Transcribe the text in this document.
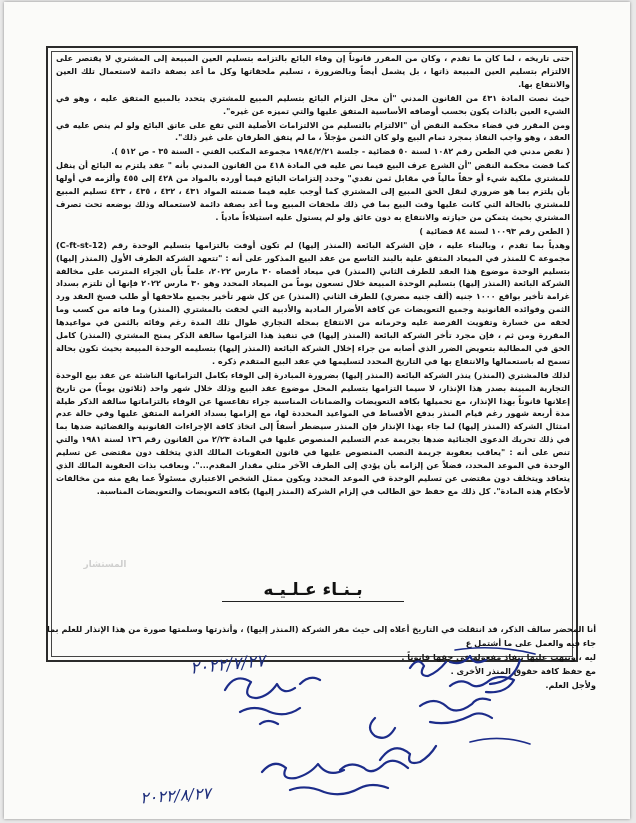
حتى تاريخه ، لما كان ما تقدم ، وكان من المقرر قانوناً إن وفاء البائع بالتزامه بتسليم العين المبيعة إلى المشتري لا يقتصر على الالتزام بتسليم العين المبيعة ذاتها ، بل يشمل أيضاً وبالضرورة ، تسليم ملحقاتها وكل ما أعد بصفة دائمة لاستعمال تلك العين والانتفاع بها.

حيث نصت المادة ٤٣١ من القانون المدني "أن محل التزام البائع بتسليم المبيع للمشتري يتحدد بالمبيع المتفق عليه ، وهو في الشيء العين بالذات يكون بحسب أوصافه الأساسية المتفق عليها والتي تميزه عن غيره".

ومن المقرر في قضاء محكمة النقض أن "الالتزام بالتسليم من الالتزامات الأصلية التي تقع على عاتق البائع ولو لم ينص عليه في العقد ، وهو واجب النفاذ بمجرد تمام البيع ولو كان الثمن مؤجلاً ، ما لم يتفق الطرفان على غير ذلك".

( نقض مدني في الطعن رقم ١٠٨٢ لسنة ٥٠ قضائية - جلسة ١٩٨٤/٢/٢١ مجموعة المكتب الفني - السنة ٣٥ - ص ٥١٢ ).

كما قضت محكمة النقض "أن الشرع عرف البيع فيما نص عليه في المادة ٤١٨ من القانون المدني بأنه " عقد يلتزم به البائع أن ينقل للمشتري ملكية شيء أو حقاً مالياً في مقابل ثمن نقدي" وحدد إلتزامات البائع فيما أورده بالمواد من ٤٢٨ إلى ٤٥٥ وألزمه في أولها بأن يلتزم بما هو ضروري لنقل الحق المبيع إلى المشتري كما أوجب عليه فيما ضمنته المواد ٤٣١ ، ٤٣٢ ، ٤٣٥ ، ٤٣٣ تسليم المبيع للمشتري بالحالة التي كانت عليها وقت البيع بما في ذلك ملحقات المبيع وما أعد بصفة دائمة لاستعماله وذلك بوضعه تحت تصرف المشتري بحيث يتمكن من حيازته والانتفاع به دون عائق ولو لم يستول عليه استيلاءاً مادياً .

( الطعن رقم ١٠٠٩٣ لسنة ٨٤ قضائية )

وهدياً بما تقدم ، وبالبناء عليه ، فإن الشركة البائعة (المنذر إليها) لم تكون أوفت بالتزامها بتسليم الوحدة رقم (C-ft-st-12) مجموعة C للمنذر في الميعاد المتفق علية بالبند التاسع من عقد البيع المذكور على أنه : "تتعهد الشركة الطرف الأول (المنذر إليها) بتسليم الوحدة موضوع هذا العقد للطرف الثاني (المنذر) في ميعاد أقصاه ٣٠ مارس ٢٠٢٢، علماً بأن الجزاء المترتب على مخالفة الشركة البائعة (المنذر إليها) بتسليم الوحدة المبيعة خلال تسعون يوماً من الميعاد المحدد وهو ٣٠ مارس ٢٠٢٢ فإنها أن تلتزم بسداد غرامة تأخير بواقع ١٠٠٠ جنيه (ألف جنيه مصري) للطرف الثاني (المنذر) عن كل شهر تأخير بجميع ملاحقها أو طلب فسخ العقد ورد الثمن وفوائده القانونية وجميع التعويضات عن كافة الأضرار المادية والأدبية التي لحقت بالمشتري (المنذر) وما فاته من كسب وما لحقه من خسارة وتفويت الفرصة عليه وحرمانه من الانتفاع بمحله التجاري طوال تلك المدة رغم وفائه بالثمن في مواعيدها المقررة ومن ثم ، فإن مجرد تأخر الشركة البائعة (المنذر إليها) في تنفيذ هذا التزامها سالفة الذكر يمنح المشتري (المنذر) كامل الحق في المطالبة بتعويض الضرر الذي أصابه من جراء إخلال الشركة البائعة (المنذر إليها) بتسليمه الوحدة المبيعة بحيث تكون بحالة تسمح له باستعمالها والانتفاع بها في التاريخ المحدد لتسليمها في عقد البيع المتقدم ذكره .

لذلك فالمشتري (المنذر) ينذر الشركة البائعة (المنذر إليها) بضرورة المبادرة إلى الوفاء بكامل التزاماتها الناشئة عن عقد بيع الوحدة التجارية المبينة بصدر هذا الإنذار، لا سيما التزامها بتسليم المحل موضوع عقد البيع وذلك خلال شهر واحد (ثلاثون يوماً) من تاريخ إعلانها قانوناً بهذا الإنذار، مع تحميلها بكافة التعويضات والضمانات المناسبة جراء تقاعسها عن الوفاء بالتزاماتها سالفة الذكر طيلة مدة أربعة شهور رغم قيام المنذر بدفع الأقساط في المواعيد المحددة لها، مع إلزامها بسداد الغرامة المتفق عليها وفي حالة عدم امتثال الشركة (المنذر إليها) لما جاء بهذا الإنذار فإن المنذر سيضطر أسفاً إلى اتخاذ كافة الإجراءات القانونية والقضائية ضدها بما في ذلك تحريك الدعوى الجنائية ضدها بجريمة عدم التسليم المنصوص عليها في المادة ٢/٢٣ من القانون رقم ١٣٦ لسنة ١٩٨١ والتي تنص على أنه : "يعاقب بعقوبة جريمة النصب المنصوص عليها في قانون العقوبات المالك الذي يتخلف دون مقتضى عن تسليم الوحدة في الموعد المحدد، فضلاً عن إلزامه بأن يؤدي إلى الطرف الآخر مثلي مقدار المقدم...". وبعاقب بذات العقوبة المالك الذي يتعاقد ويتخلف دون مقتضى عن تسليم الوحدة في الموعد المحدد ويكون ممثل الشخص الاعتباري مسئولاً عما يقع منه من مخالفات لأحكام هذه المادة". كل ذلك مع حفظ حق الطالب في إلزام الشركة (المنذر إليها) بكافة التعويضات والتعويضات المناسبة.

المستشار
بـنـاء عـلـيـه

أنا المحضر سالف الذكر، قد انتقلت في التاريخ أعلاه إلى حيث مقر الشركة (المنذر إليها) ، وأنذرتها وسلمتها صورة من هذا الإنذار للعلم بما جاء فيه والعمل على ما أشتمل ع

ليه ، ونبهت عليها بنفاذ مفعوله في حقها قانوناً .

مع حفظ كافة حقوق المنذر الأخرى .

ولأجل العلم.

٢٠٢٢/٧/٢٧
٢٠٢٢/٨/٢٧
